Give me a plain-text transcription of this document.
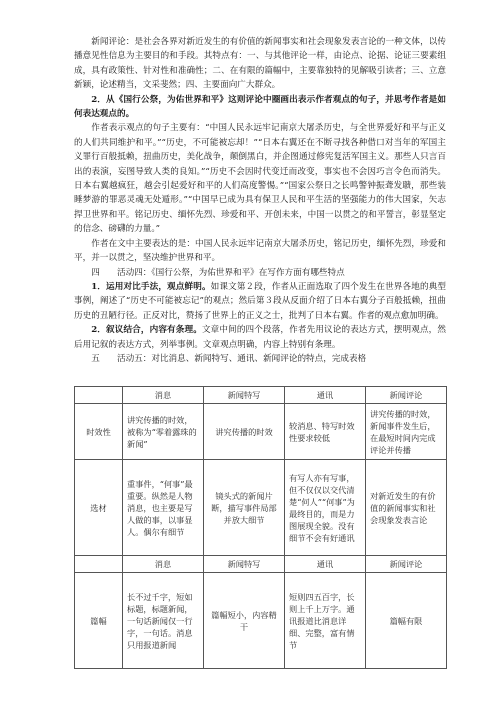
新闻评论：是社会各界对新近发生的有价值的新闻事实和社会现象发表言论的一种文体，以传播意见性信息为主要目的和手段。其特点有：一、与其他评论一样，由论点、论据、论证三要素组成，具有政策性、针对性和准确性；二、在有限的篇幅中，主要靠独特的见解吸引读者；三、立意新颖，论述精当，文采斐然；四、主要面向广大群众。

2．从《国行公祭，为佑世界和平》这则评论中圈画出表示作者观点的句子，并思考作者是如何表达观点的。

作者表示观点的句子主要有：“中国人民永远牢记南京大屠杀历史，与全世界爱好和平与正义的人们共同维护和平。”“历史，不可能被忘却！”“日本右翼还在不断寻找各种借口对当年的军国主义罪行百般抵赖，扭曲历史，美化战争，颠倒黑白，并企图通过修宪复活军国主义。那些人只言百出的表演，妄图导致人类的良知。”“历史不会因时代变迁而改变，事实也不会因巧言令色而消失。日本右翼越疯狂，越会引起爱好和平的人们高度警惕。”“国家公祭日之长鸣警钟振聋发聩，那些装睡梦游的罪恶灵魂无处遁形。”“中国早已成为具有保卫人民和平生活的坚强能力的伟大国家，矢志捍卫世界和平。铭记历史、缅怀先烈、珍爱和平、开创未来，中国一以贯之的和平誓言，彰显坚定的信念、磅礴的力量。”

作者在文中主要表达的是：中国人民永远牢记南京大屠杀历史，铭记历史，缅怀先烈，珍爱和平，并一以贯之，坚决维护世界和平。

四　　活动四：《国行公祭，为佑世界和平》在写作方面有哪些特点

1．运用对比手法，观点鲜明。如课文第２段，作者从正面选取了四个发生在世界各地的典型事例，阐述了“历史不可能被忘记”的观点；然后第３段从反面介绍了日本右翼分子百般抵赖，扭曲历史的丑陋行径。正反对比，赞扬了世界上的正义之士，批判了日本右翼。作者的观点愈加明确。

2．叙议结合，内容有条理。文章中间的四个段落，作者先用议论的表达方式，摆明观点，然后用记叙的表达方式，列举事例。文章观点明确，内容上特别有条理。

五　　活动五：对比消息、新闻特写、通讯、新闻评论的特点，完成表格

	消息	新闻特写	通讯	新闻评论
时效性	讲究传播的时效，被称为“零着露珠的新闻”	讲究传播的时效	较消息、特写时效性要求较低	讲究传播的时效，新闻事件发生后，在最短时间内完成评论并传播
选材	重事件，“何事”最重要。纵然是人物消息，也主要是写人做的事，以事显人。偶尔有细节	镜头式的新闻片断，描写事件局部并放大细节	有写人亦有写事，但不仅仅以交代清楚“何人”“何事”为最终目的，而是力图展现全貌。没有细节不会有好通讯	对新近发生的有价值的新闻事实和社会现象发表言论
	消息	新闻特写	通讯	新闻评论
篇幅	长不过千字，短如标题，标题新闻，一句话新闻仅一行字，一句话。消息只用报道新闻	篇幅短小，内容精干	短则四五百字，长则上千上万字。通讯报道比消息详细、完整，富有情节	篇幅有限
